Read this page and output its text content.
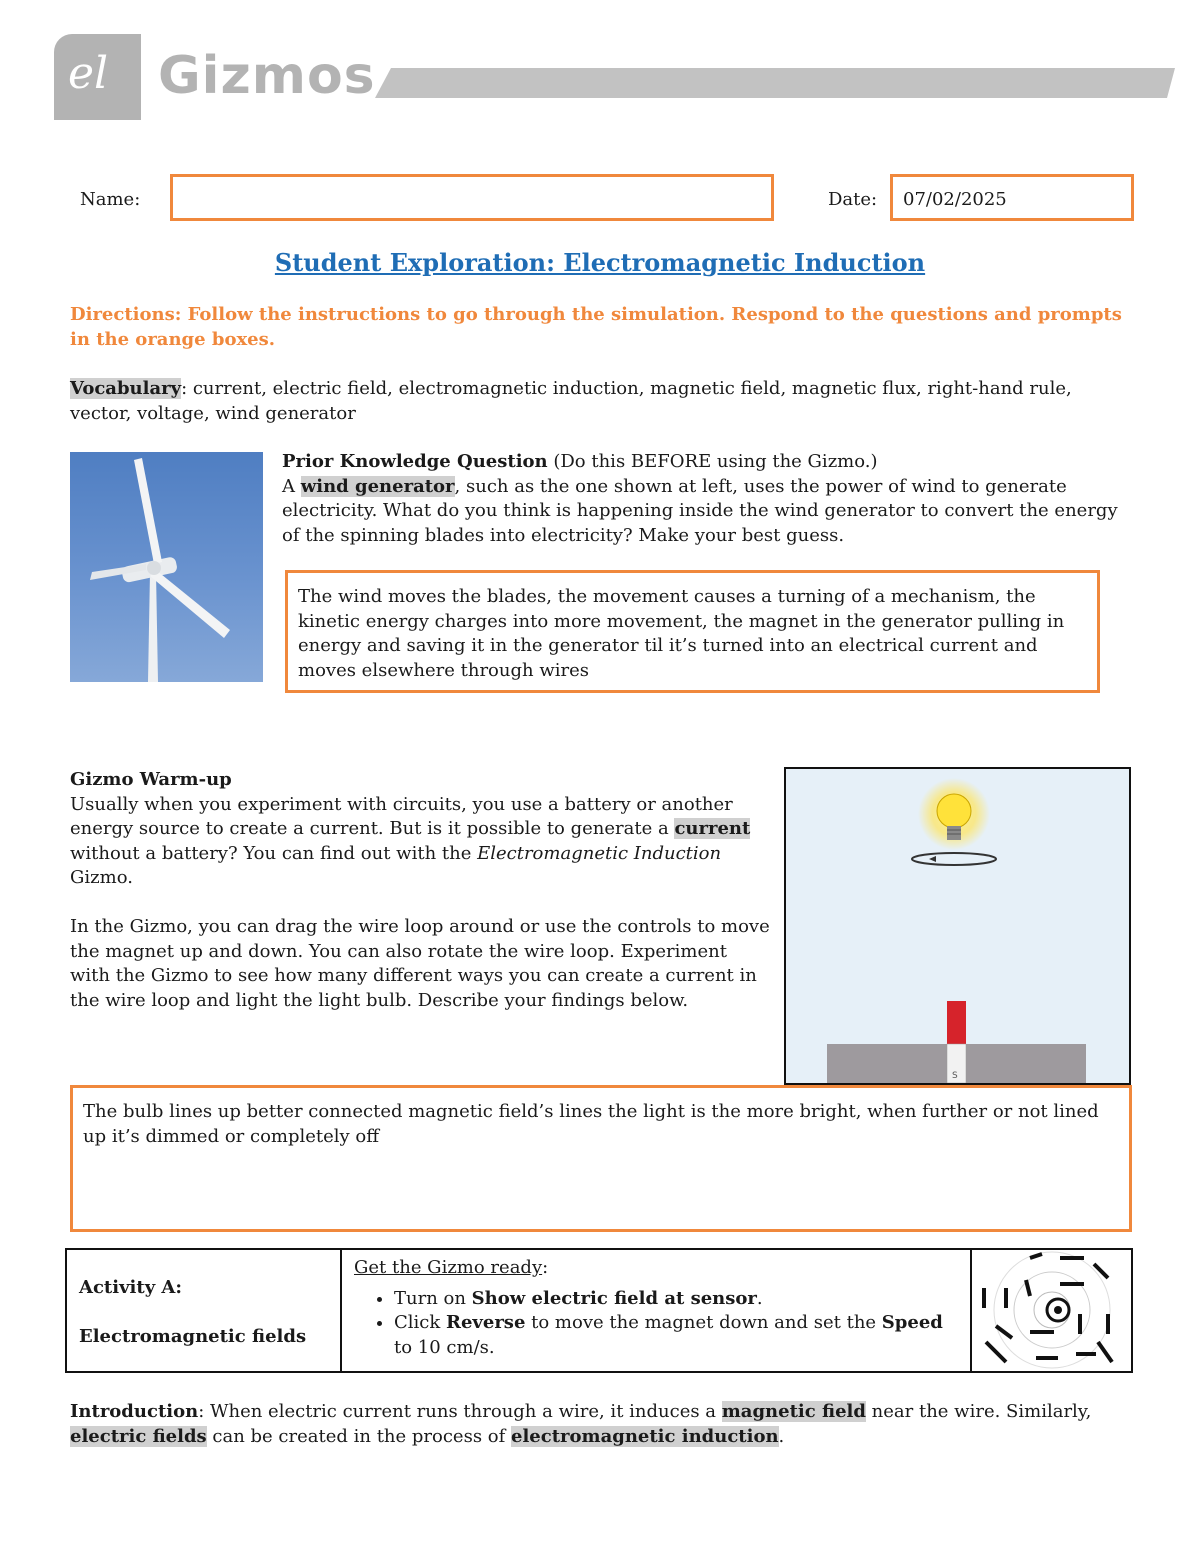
el Gizmos
Name:	Date: 07/02/2025
Student Exploration: Electromagnetic Induction
Directions: Follow the instructions to go through the simulation. Respond to the questions and prompts in the orange boxes.
Vocabulary: current, electric field, electromagnetic induction, magnetic field, magnetic flux, right-hand rule, vector, voltage, wind generator
Prior Knowledge Question (Do this BEFORE using the Gizmo.)
A wind generator, such as the one shown at left, uses the power of wind to generate electricity. What do you think is happening inside the wind generator to convert the energy of the spinning blades into electricity? Make your best guess.
The wind moves the blades, the movement causes a turning of a mechanism, the kinetic energy charges into more movement, the magnet in the generator pulling in energy and saving it in the generator til it’s turned into an electrical current and moves elsewhere through wires
Gizmo Warm-up
Usually when you experiment with circuits, you use a battery or another energy source to create a current. But is it possible to generate a current without a battery? You can find out with the Electromagnetic Induction Gizmo.
In the Gizmo, you can drag the wire loop around or use the controls to move the magnet up and down. You can also rotate the wire loop. Experiment with the Gizmo to see how many different ways you can create a current in the wire loop and light the light bulb. Describe your findings below.
S
The bulb lines up better connected magnetic field’s lines the light is the more bright, when further or not lined up it’s dimmed or completely off
Activity A:
Electromagnetic fields
Get the Gizmo ready:
• Turn on Show electric field at sensor.
• Click Reverse to move the magnet down and set the Speed to 10 cm/s.
Introduction: When electric current runs through a wire, it induces a magnetic field near the wire. Similarly, electric fields can be created in the process of electromagnetic induction.
